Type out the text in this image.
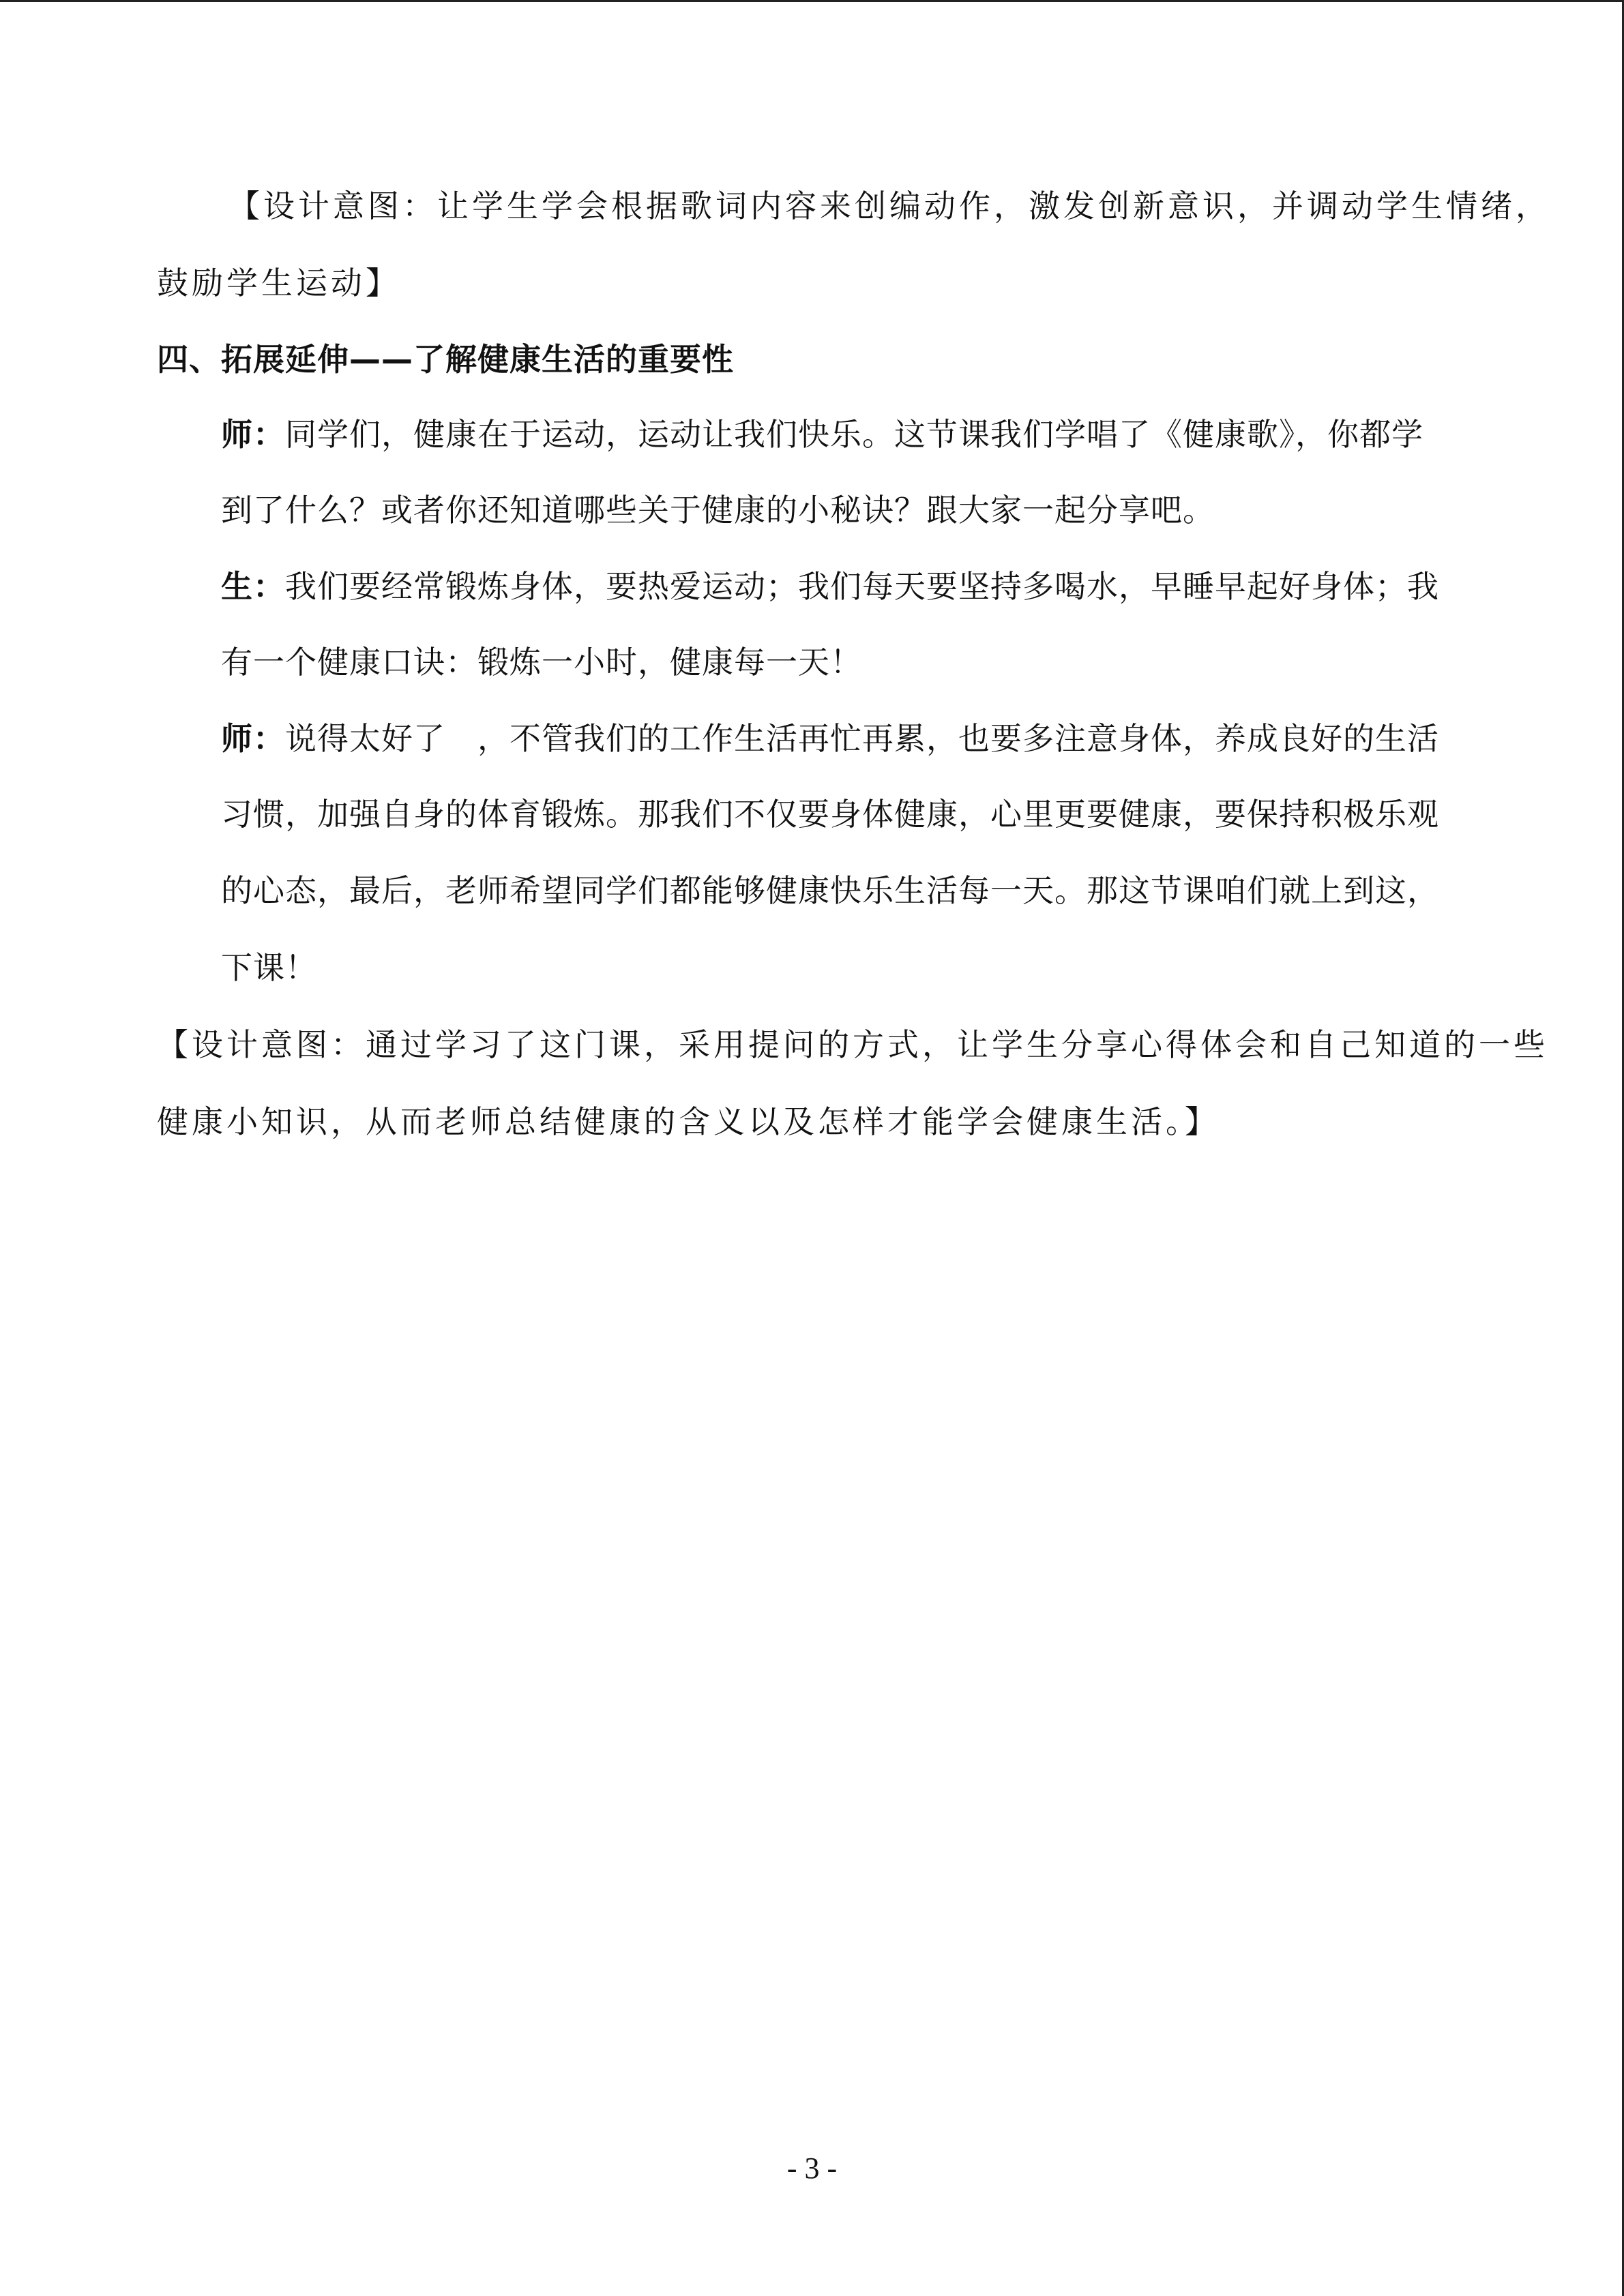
【设计意图：让学生学会根据歌词内容来创编动作，激发创新意识，并调动学生情绪，
鼓励学生运动】
四、拓展延伸——了解健康生活的重要性
师：同学们，健康在于运动，运动让我们快乐。这节课我们学唱了《健康歌》，你都学
到了什么？或者你还知道哪些关于健康的小秘诀？跟大家一起分享吧。
生：我们要经常锻炼身体，要热爱运动；我们每天要坚持多喝水，早睡早起好身体；我
有一个健康口诀：锻炼一小时，健康每一天！
师：说得太好了　，不管我们的工作生活再忙再累，也要多注意身体，养成良好的生活
习惯，加强自身的体育锻炼。那我们不仅要身体健康，心里更要健康，要保持积极乐观
的心态，最后，老师希望同学们都能够健康快乐生活每一天。那这节课咱们就上到这，
下课！
【设计意图：通过学习了这门课，采用提问的方式，让学生分享心得体会和自己知道的一些
健康小知识，从而老师总结健康的含义以及怎样才能学会健康生活。】
- 3 -
